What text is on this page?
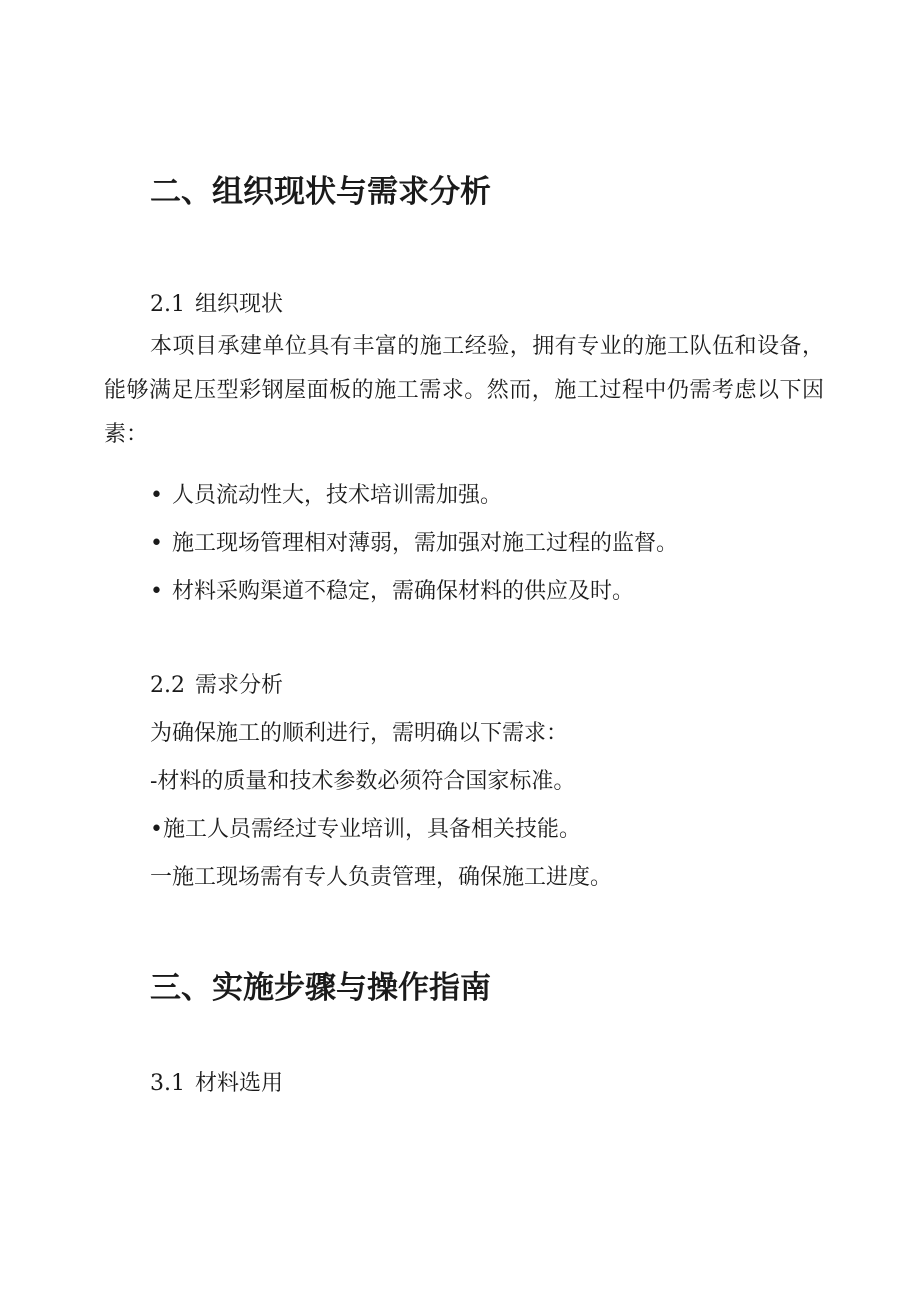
二、组织现状与需求分析
2.1 组织现状
本项目承建单位具有丰富的施工经验，拥有专业的施工队伍和设备，能够满足压型彩钢屋面板的施工需求。然而，施工过程中仍需考虑以下因素：
• 人员流动性大，技术培训需加强。
• 施工现场管理相对薄弱，需加强对施工过程的监督。
• 材料采购渠道不稳定，需确保材料的供应及时。
2.2 需求分析
为确保施工的顺利进行，需明确以下需求：
-材料的质量和技术参数必须符合国家标准。
•施工人员需经过专业培训，具备相关技能。
一施工现场需有专人负责管理，确保施工进度。
三、实施步骤与操作指南
3.1 材料选用
